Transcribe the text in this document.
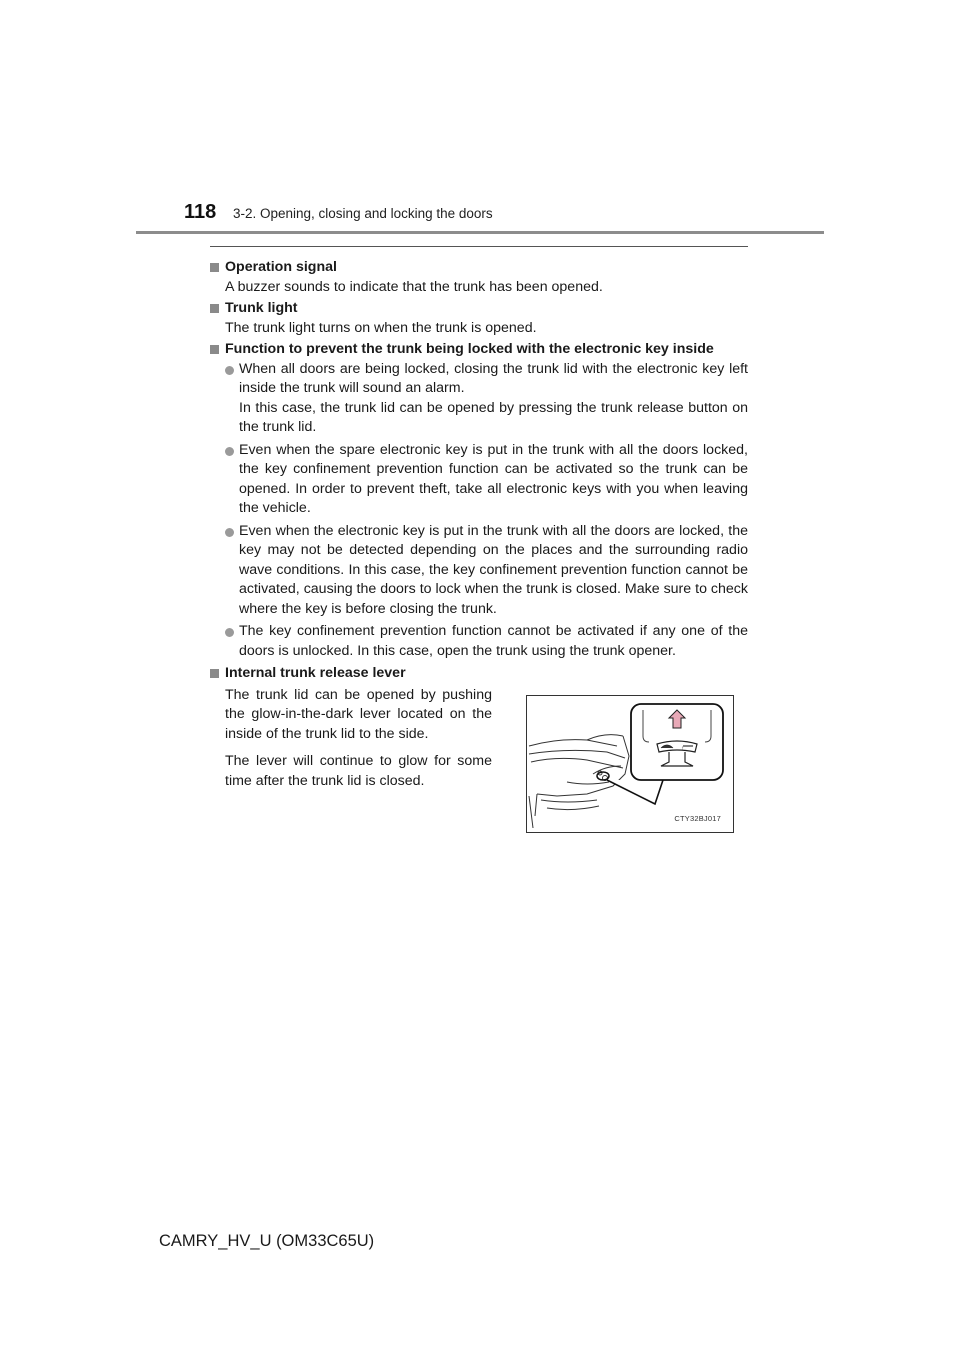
118 3-2. Opening, closing and locking the doors
Operation signal
A buzzer sounds to indicate that the trunk has been opened.
Trunk light
The trunk light turns on when the trunk is opened.
Function to prevent the trunk being locked with the electronic key inside

When all doors are being locked, closing the trunk lid with the electronic key left inside the trunk will sound an alarm.

In this case, the trunk lid can be opened by pressing the trunk release button on the trunk lid.

Even when the spare electronic key is put in the trunk with all the doors locked, the key confinement prevention function can be activated so the trunk can be opened. In order to prevent theft, take all electronic keys with you when leaving the vehicle.

Even when the electronic key is put in the trunk with all the doors are locked, the key may not be detected depending on the places and the surrounding radio wave conditions. In this case, the key confinement prevention function cannot be activated, causing the doors to lock when the trunk is closed. Make sure to check where the key is before closing the trunk.

The key confinement prevention function cannot be activated if any one of the doors is unlocked. In this case, open the trunk using the trunk opener.

Internal trunk release lever

The trunk lid can be opened by pushing the glow-in-the-dark lever located on the inside of the trunk lid to the side.

The lever will continue to glow for some time after the trunk lid is closed.

↑
CTY32BJ017
CAMRY_HV_U (OM33C65U)
